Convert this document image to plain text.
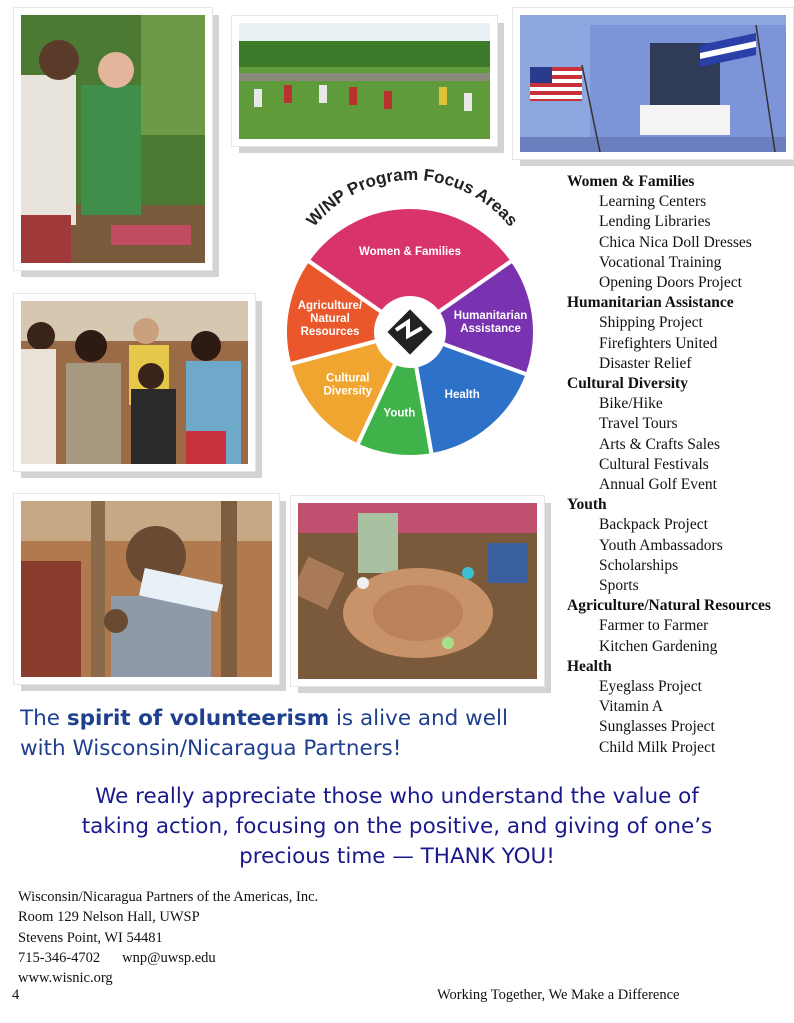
W/NP Program Focus Areas
Women & Families
Humanitarian Assistance
Health
Youth
Cultural Diversity
Agriculture/ Natural Resources
Women & Families
Learning Centers
Lending Libraries
Chica Nica Doll Dresses
Vocational Training
Opening Doors Project
Humanitarian Assistance
Shipping Project
Firefighters United
Disaster Relief
Cultural Diversity
Bike/Hike
Travel Tours
Arts & Crafts Sales
Cultural Festivals
Annual Golf Event
Youth
Backpack Project
Youth Ambassadors
Scholarships
Sports
Agriculture/Natural Resources
Farmer to Farmer
Kitchen Gardening
Health
Eyeglass Project
Vitamin A
Sunglasses Project
Child Milk Project
The spirit of volunteerism is alive and well with Wisconsin/Nicaragua Partners!
We really appreciate those who understand the value of
taking action, focusing on the positive, and giving of one’s
precious time — THANK YOU!
Wisconsin/Nicaragua Partners of the Americas, Inc.
Room 129 Nelson Hall, UWSP
Stevens Point, WI 54481
715-346-4702 wnp@uwsp.edu
www.wisnic.org
4	Working Together, We Make a Difference
